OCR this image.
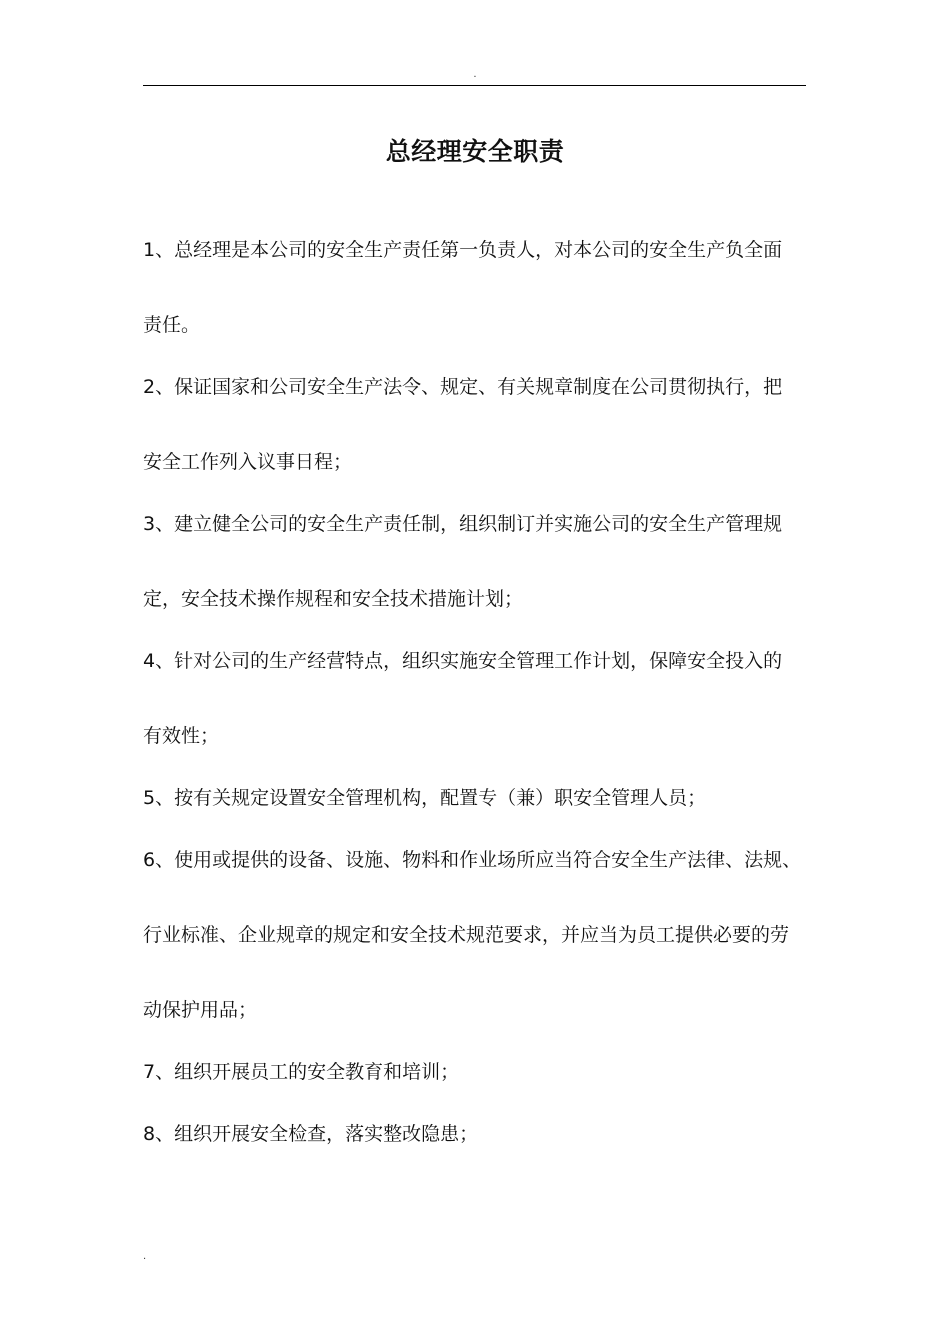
.
总经理安全职责
1、总经理是本公司的安全生产责任第一负责人，对本公司的安全生产负全面
责任。
2、保证国家和公司安全生产法令、规定、有关规章制度在公司贯彻执行，把
安全工作列入议事日程；
3、建立健全公司的安全生产责任制，组织制订并实施公司的安全生产管理规
定，安全技术操作规程和安全技术措施计划；
4、针对公司的生产经营特点，组织实施安全管理工作计划，保障安全投入的
有效性；
5、按有关规定设置安全管理机构，配置专（兼）职安全管理人员；
6、使用或提供的设备、设施、物料和作业场所应当符合安全生产法律、法规、
行业标准、企业规章的规定和安全技术规范要求，并应当为员工提供必要的劳
动保护用品；
7、组织开展员工的安全教育和培训；
8、组织开展安全检查，落实整改隐患；
.
